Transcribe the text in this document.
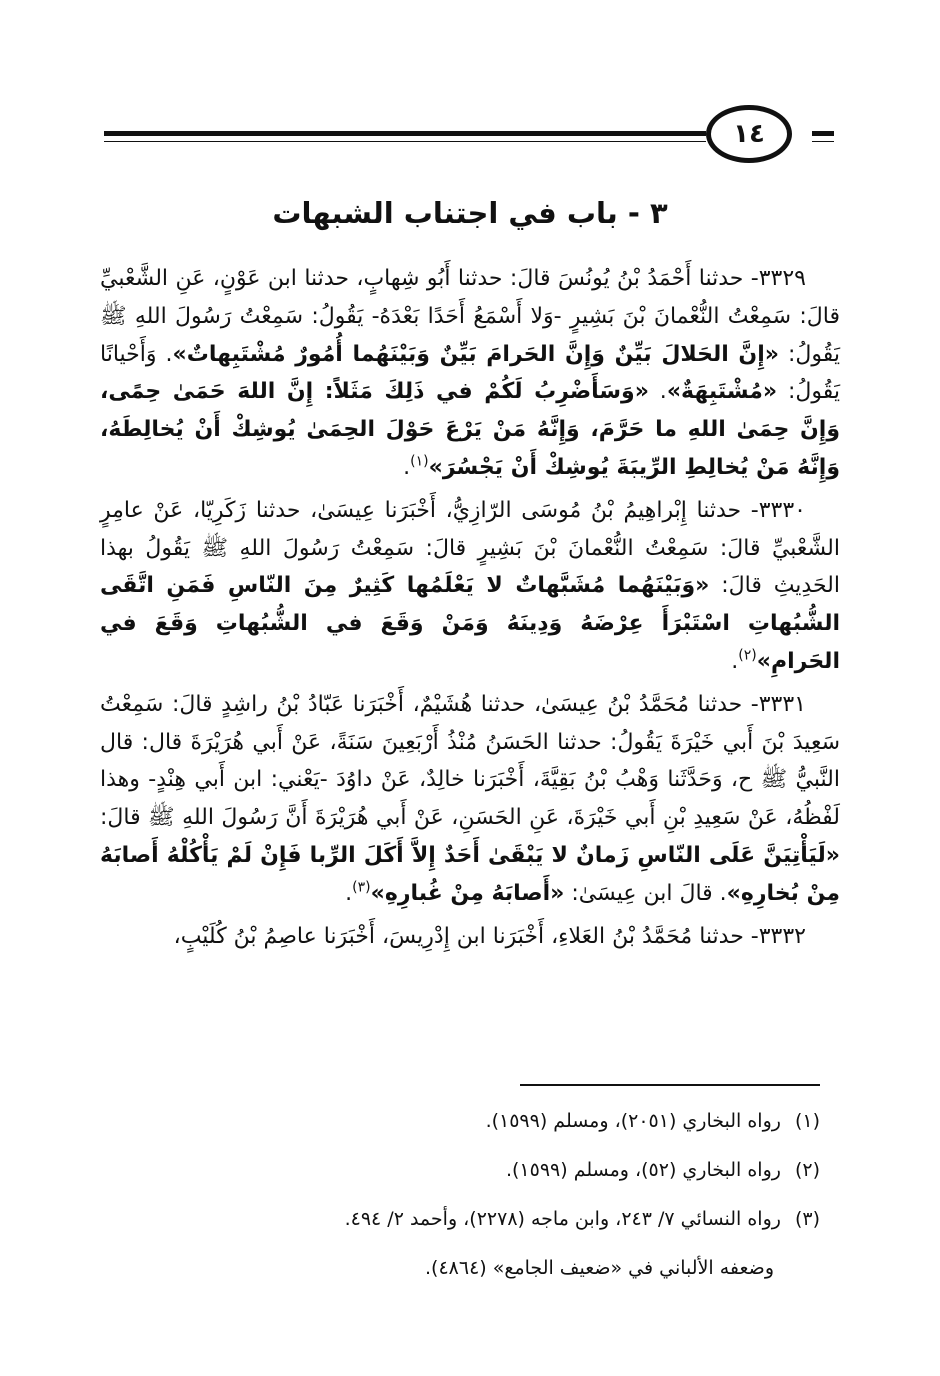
١٤
٣ - باب في اجتناب الشبهات

٣٣٢٩- حدثنا أَحْمَدُ بْنُ يُونُسَ قالَ: حدثنا أَبُو شِهابٍ، حدثنا ابن عَوْنٍ، عَنِ الشَّعْبيِّ قالَ: سَمِعْتُ النُّعْمانَ بْنَ بَشِيرٍ -وَلا أَسْمَعُ أَحَدًا بَعْدَهُ- يَقُولُ: سَمِعْتُ رَسُولَ اللهِ ﷺ يَقُولُ: «إِنَّ الحَلالَ بَيِّنٌ وَإِنَّ الحَرامَ بَيِّنٌ وَبَيْنَهُما أُمُورٌ مُشْتَبِهاتٌ». وَأَحْيانًا يَقُولُ: «مُشْتَبِهَةٌ». «وَسَأَضْرِبُ لَكُمْ في ذَلِكَ مَثَلاً: إِنَّ اللهَ حَمَىٰ حِمًى، وَإِنَّ حِمَىٰ اللهِ ما حَرَّمَ، وَإِنَّهُ مَنْ يَرْعَ حَوْلَ الحِمَىٰ يُوشِكْ أَنْ يُخالِطَهُ، وَإِنَّهُ مَنْ يُخالِطِ الرِّيبَةَ يُوشِكْ أَنْ يَجْسُرَ»$^{(١)}$.

٣٣٣٠- حدثنا إِبْراهِيمُ بْنُ مُوسَى الرّازِيُّ، أَخْبَرَنا عِيسَىٰ، حدثنا زَكَرِيّا، عَنْ عامِرٍ الشَّعْبيِّ قالَ: سَمِعْتُ النُّعْمانَ بْنَ بَشِيرٍ قالَ: سَمِعْتُ رَسُولَ اللهِ ﷺ يَقُولُ بهذا الحَدِيثِ قالَ: «وَبَيْنَهُما مُشَبَّهاتٌ لا يَعْلَمُها كَثِيرٌ مِنَ النّاسِ فَمَنِ اتَّقَى الشُّبُهاتِ اسْتَبْرَأَ عِرْضَهُ وَدِينَهُ وَمَنْ وَقَعَ في الشُّبُهاتِ وَقَعَ في الحَرامِ»$^{(٢)}$.

٣٣٣١- حدثنا مُحَمَّدُ بْنُ عِيسَىٰ، حدثنا هُشَيْمٌ، أَخْبَرَنا عَبّادُ بْنُ راشِدٍ قالَ: سَمِعْتُ سَعِيدَ بْنَ أَبي خَيْرَةَ يَقُولُ: حدثنا الحَسَنُ مُنْذُ أَرْبَعِينَ سَنَةً، عَنْ أَبي هُرَيْرَةَ قال: قال النَّبيُّ ﷺ ح، وَحَدَّثَنا وَهْبُ بْنُ بَقِيَّةَ، أَخْبَرَنا خالِدٌ، عَنْ داوُدَ -يَعْني: ابن أَبي هِنْدٍ- وهذا لَفْظُهُ، عَنْ سَعِيدِ بْنِ أَبي خَيْرَةَ، عَنِ الحَسَنِ، عَنْ أَبي هُرَيْرَةَ أَنَّ رَسُولَ اللهِ ﷺ قالَ: «لَيَأْتِيَنَّ عَلَى النّاسِ زَمانٌ لا يَبْقَىٰ أَحَدٌ إِلاَّ أَكَلَ الرِّبا فَإِنْ لَمْ يَأْكُلْهُ أَصابَهُ مِنْ بُخارِهِ». قالَ ابن عِيسَىٰ: «أَصابَهُ مِنْ غُبارِهِ»$^{(٣)}$.

٣٣٣٢- حدثنا مُحَمَّدُ بْنُ العَلاءِ، أَخْبَرَنا ابن إِدْرِيسَ، أَخْبَرَنا عاصِمُ بْنُ كُلَيْبٍ،

(١)رواه البخاري (٢٠٥١)، ومسلم (١٥٩٩).

(٢)رواه البخاري (٥٢)، ومسلم (١٥٩٩).

(٣)رواه النسائي ٧/ ٢٤٣، وابن ماجه (٢٢٧٨)، وأحمد ٢/ ٤٩٤.

وضعفه الألباني في «ضعيف الجامع» (٤٨٦٤).
